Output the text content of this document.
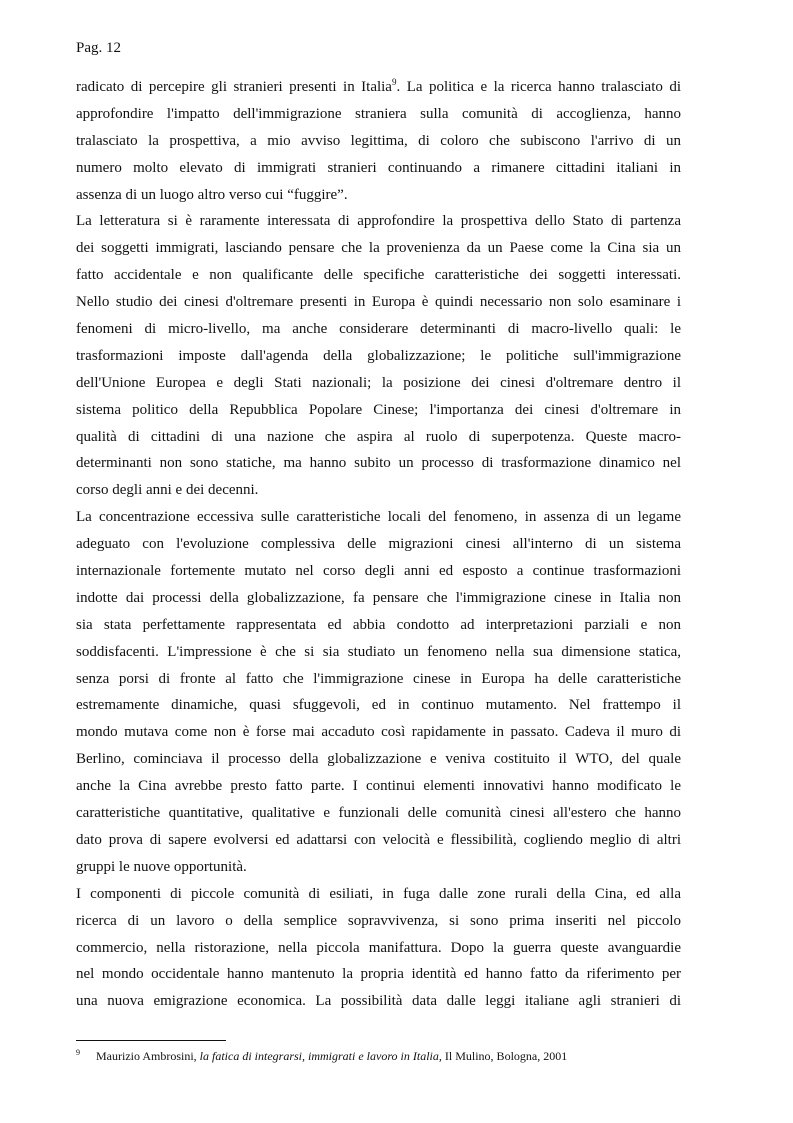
Pag. 12
radicato di percepire gli stranieri presenti in Italia$^9$. La politica e la ricerca hanno tralasciato di
approfondire l'impatto dell'immigrazione straniera sulla comunità di accoglienza, hanno
tralasciato la prospettiva, a mio avviso legittima, di coloro che subiscono l'arrivo di un
numero molto elevato di immigrati stranieri continuando a rimanere cittadini italiani in
assenza di un luogo altro verso cui “fuggire”.
La letteratura si è raramente interessata di approfondire la prospettiva dello Stato di partenza
dei soggetti immigrati, lasciando pensare che la provenienza da un Paese come la Cina sia un
fatto accidentale e non qualificante delle specifiche caratteristiche dei soggetti interessati.
Nello studio dei cinesi d'oltremare presenti in Europa è quindi necessario non solo esaminare i
fenomeni di micro-livello, ma anche considerare determinanti di macro-livello quali: le
trasformazioni imposte dall'agenda della globalizzazione; le politiche sull'immigrazione
dell'Unione Europea e degli Stati nazionali; la posizione dei cinesi d'oltremare dentro il
sistema politico della Repubblica Popolare Cinese; l'importanza dei cinesi d'oltremare in
qualità di cittadini di una nazione che aspira al ruolo di superpotenza. Queste macro-
determinanti non sono statiche, ma hanno subito un processo di trasformazione dinamico nel
corso degli anni e dei decenni.
La concentrazione eccessiva sulle caratteristiche locali del fenomeno, in assenza di un legame
adeguato con l'evoluzione complessiva delle migrazioni cinesi all'interno di un sistema
internazionale fortemente mutato nel corso degli anni ed esposto a continue trasformazioni
indotte dai processi della globalizzazione, fa pensare che l'immigrazione cinese in Italia non
sia stata perfettamente rappresentata ed abbia condotto ad interpretazioni parziali e non
soddisfacenti. L'impressione è che si sia studiato un fenomeno nella sua dimensione statica,
senza porsi di fronte al fatto che l'immigrazione cinese in Europa ha delle caratteristiche
estremamente dinamiche, quasi sfuggevoli, ed in continuo mutamento. Nel frattempo il
mondo mutava come non è forse mai accaduto così rapidamente in passato. Cadeva il muro di
Berlino, cominciava il processo della globalizzazione e veniva costituito il WTO, del quale
anche la Cina avrebbe presto fatto parte. I continui elementi innovativi hanno modificato le
caratteristiche quantitative, qualitative e funzionali delle comunità cinesi all'estero che hanno
dato prova di sapere evolversi ed adattarsi con velocità e flessibilità, cogliendo meglio di altri
gruppi le nuove opportunità.
I componenti di piccole comunità di esiliati, in fuga dalle zone rurali della Cina, ed alla
ricerca di un lavoro o della semplice sopravvivenza, si sono prima inseriti nel piccolo
commercio, nella ristorazione, nella piccola manifattura. Dopo la guerra queste avanguardie
nel mondo occidentale hanno mantenuto la propria identità ed hanno fatto da riferimento per
una nuova emigrazione economica. La possibilità data dalle leggi italiane agli stranieri di
9 Maurizio Ambrosini, la fatica di integrarsi, immigrati e lavoro in Italia, Il Mulino, Bologna, 2001
